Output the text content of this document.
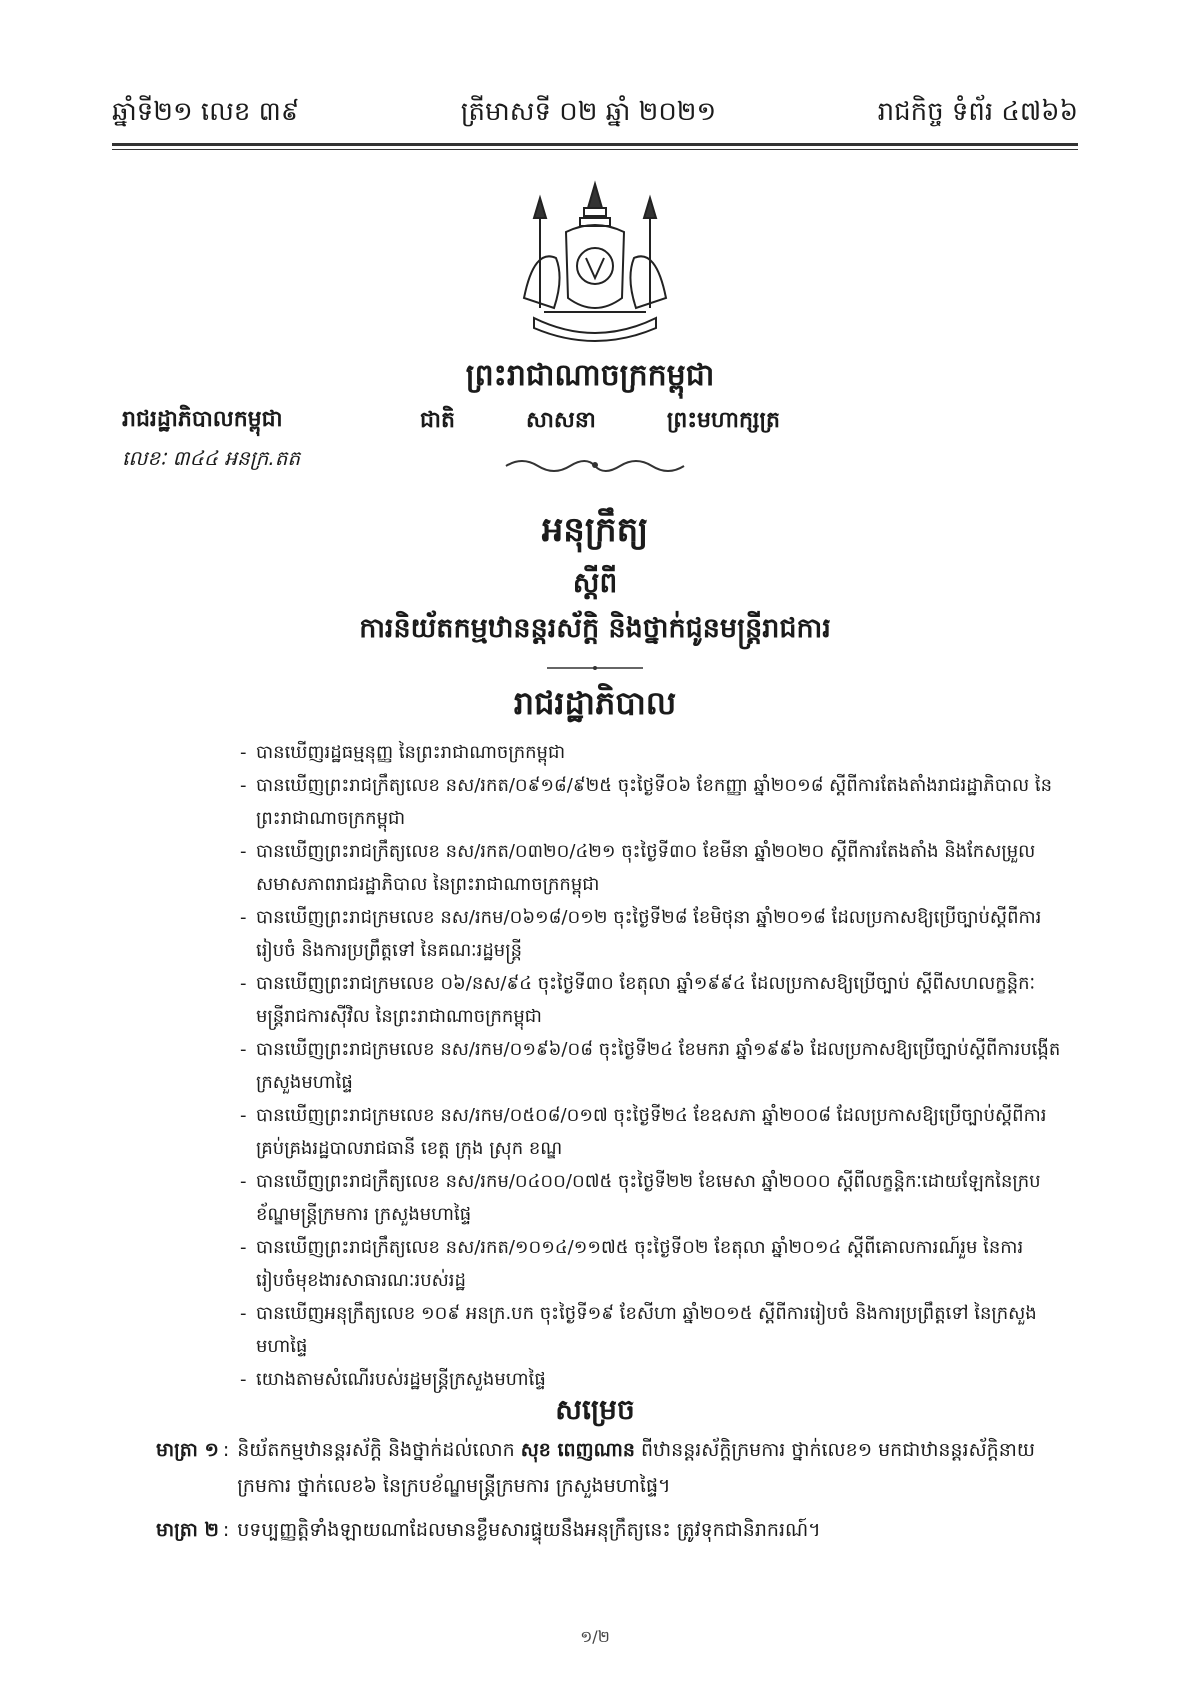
ឆ្នាំទី២១ លេខ ៣៩	ត្រីមាសទី ០២ ឆ្នាំ ២០២១	រាជកិច្ច ទំព័រ ៤៧៦៦
ព្រះរាជាណាចក្រកម្ពុជា
ជាតិ	សាសនា	ព្រះមហាក្សត្រ
រាជរដ្ឋាភិបាលកម្ពុជា
លេខៈ ៣៤៤ អនក្រ.តត
អនុក្រឹត្យ
ស្តីពី
ការនិយ័តកម្មឋានន្តរស័ក្តិ និងថ្នាក់ជូនមន្ត្រីរាជការ
រាជរដ្ឋាភិបាល
- បានឃើញរដ្ឋធម្មនុញ្ញ នៃព្រះរាជាណាចក្រកម្ពុជា
- បានឃើញព្រះរាជក្រឹត្យលេខ នស/រកត/០៩១៨/៩២៥ ចុះថ្ងៃទី០៦ ខែកញ្ញា ឆ្នាំ២០១៨ ស្តីពីការតែងតាំងរាជរដ្ឋាភិបាល នៃព្រះរាជាណាចក្រកម្ពុជា
- បានឃើញព្រះរាជក្រឹត្យលេខ នស/រកត/០៣២០/៤២១ ចុះថ្ងៃទី៣០ ខែមីនា ឆ្នាំ២០២០ ស្តីពីការតែងតាំង និងកែសម្រួលសមាសភាពរាជរដ្ឋាភិបាល នៃព្រះរាជាណាចក្រកម្ពុជា
- បានឃើញព្រះរាជក្រមលេខ នស/រកម/០៦១៨/០១២ ចុះថ្ងៃទី២៨ ខែមិថុនា ឆ្នាំ២០១៨ ដែលប្រកាសឱ្យប្រើច្បាប់ស្តីពីការរៀបចំ និងការប្រព្រឹត្តទៅ នៃគណៈរដ្ឋមន្ត្រី
- បានឃើញព្រះរាជក្រមលេខ ០៦/នស/៩៤ ចុះថ្ងៃទី៣០ ខែតុលា ឆ្នាំ១៩៩៤ ដែលប្រកាសឱ្យប្រើច្បាប់ ស្តីពីសហលក្ខន្តិកៈមន្ត្រីរាជការស៊ីវិល នៃព្រះរាជាណាចក្រកម្ពុជា
- បានឃើញព្រះរាជក្រមលេខ នស/រកម/០១៩៦/០៨ ចុះថ្ងៃទី២៤ ខែមករា ឆ្នាំ១៩៩៦ ដែលប្រកាសឱ្យប្រើច្បាប់ស្តីពីការបង្កើតក្រសួងមហាផ្ទៃ
- បានឃើញព្រះរាជក្រមលេខ នស/រកម/០៥០៨/០១៧ ចុះថ្ងៃទី២៤ ខែឧសភា ឆ្នាំ២០០៨ ដែលប្រកាសឱ្យប្រើច្បាប់ស្តីពីការគ្រប់គ្រងរដ្ឋបាលរាជធានី ខេត្ត ក្រុង ស្រុក ខណ្ឌ
- បានឃើញព្រះរាជក្រឹត្យលេខ នស/រកម/០៤០០/០៧៥ ចុះថ្ងៃទី២២ ខែមេសា ឆ្នាំ២០០០ ស្តីពីលក្ខន្តិកៈដោយឡែកនៃក្របខ័ណ្ឌមន្ត្រីក្រមការ ក្រសួងមហាផ្ទៃ
- បានឃើញព្រះរាជក្រឹត្យលេខ នស/រកត/១០១៤/១១៧៥ ចុះថ្ងៃទី០២ ខែតុលា ឆ្នាំ២០១៤ ស្តីពីគោលការណ៍រួម នៃការរៀបចំមុខងារសាធារណៈរបស់រដ្ឋ
- បានឃើញអនុក្រឹត្យលេខ ១០៩ អនក្រ.បក ចុះថ្ងៃទី១៩ ខែសីហា ឆ្នាំ២០១៥ ស្តីពីការរៀបចំ និងការប្រព្រឹត្តទៅ នៃក្រសួងមហាផ្ទៃ
- យោងតាមសំណើរបស់រដ្ឋមន្ត្រីក្រសួងមហាផ្ទៃ
សម្រេច
មាត្រា ១ : និយ័តកម្មឋានន្តរស័ក្តិ និងថ្នាក់ដល់លោក សុខ ពេញណាន ពីឋានន្តរស័ក្តិក្រមការ ថ្នាក់លេខ១ មកជាឋានន្តរស័ក្តិនាយក្រមការ ថ្នាក់លេខ៦ នៃក្របខ័ណ្ឌមន្ត្រីក្រមការ ក្រសួងមហាផ្ទៃ។
មាត្រា ២ : បទប្បញ្ញត្តិទាំងឡាយណាដែលមានខ្លឹមសារផ្ទុយនឹងអនុក្រឹត្យនេះ ត្រូវទុកជានិរាករណ៍។
១/២
